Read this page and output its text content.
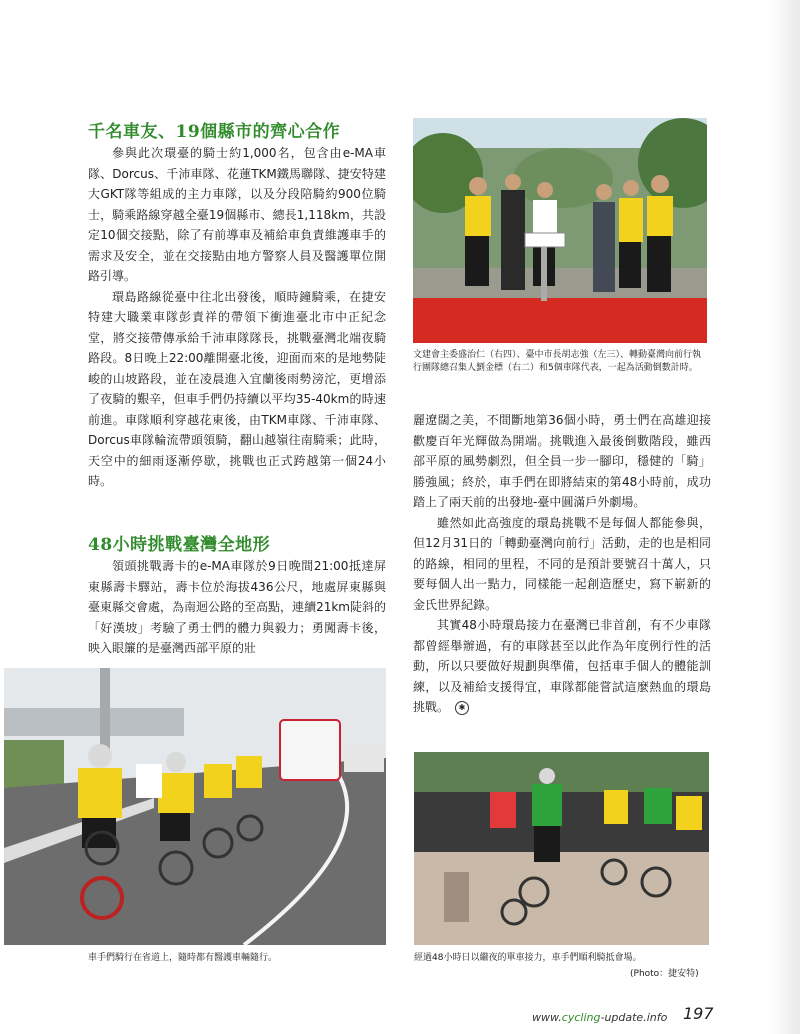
千名車友、19個縣市的齊心合作

參與此次環臺的騎士約1,000名，包含由e-MA車隊、Dorcus、千沛車隊、花蓮TKM鐵馬聯隊、捷安特建大GKT隊等組成的主力車隊，以及分段陪騎約900位騎士，騎乘路線穿越全臺19個縣市、總長1,118km，共設定10個交接點，除了有前導車及補給車負責維護車手的需求及安全，並在交接點由地方警察人員及醫護單位開路引導。

環島路線從臺中往北出發後，順時鐘騎乘，在捷安特建大職業車隊彭責祥的帶領下衝進臺北市中正紀念堂，將交接帶傳承給千沛車隊隊長，挑戰臺灣北端夜騎路段。8日晚上22:00離開臺北後，迎面而來的是地勢陡峻的山坡路段，並在凌晨進入宜蘭後雨勢滂沱，更增添了夜騎的艱辛，但車手們仍持續以平均35-40km的時速前進。車隊順利穿越花東後，由TKM車隊、千沛車隊、Dorcus車隊輪流帶頭領騎，翻山越嶺往南騎乘；此時，天空中的細雨逐漸停歇，挑戰也正式跨越第一個24小時。

48小時挑戰臺灣全地形

領頭挑戰壽卡的e-MA車隊於9日晚間21:00抵達屏東縣壽卡驛站，壽卡位於海拔436公尺，地處屏東縣與臺東縣交會處，為南迴公路的至高點，連續21km陡斜的「好漢坡」考驗了勇士們的體力與毅力；勇闖壽卡後，映入眼簾的是臺灣西部平原的壯

文建會主委盛治仁（右四）、臺中市長胡志強（左三）、轉動臺灣向前行執行團隊總召集人劉金標（右二）和5個車隊代表，一起為活動倒數計時。

麗遼闊之美，不間斷地第36個小時，勇士們在高雄迎接歡慶百年光輝做為開端。挑戰進入最後倒數階段，雖西部平原的風勢劇烈，但全員一步一腳印，穩健的「騎」勝強風；終於，車手們在即將結束的第48小時前，成功踏上了兩天前的出發地-臺中圓滿戶外劇場。

雖然如此高強度的環島挑戰不是每個人都能參與，但12月31日的「轉動臺灣向前行」活動，走的也是相同的路線，相同的里程，不同的是預計要號召十萬人，只要每個人出一點力，同樣能一起創造歷史，寫下嶄新的金氏世界紀錄。

其實48小時環島接力在臺灣已非首創，有不少車隊都曾經舉辦過，有的車隊甚至以此作為年度例行性的活動，所以只要做好規劃與準備，包括車手個人的體能訓練，以及補給支援得宜，車隊都能嘗試這麼熱血的環島挑戰。 ✱

車手們騎行在省道上，隨時都有醫護車輛隨行。	經過48小時日以繼夜的單車接力，車手們順利騎抵會場。
(Photo：捷安特)
www.cycling-update.info 197
